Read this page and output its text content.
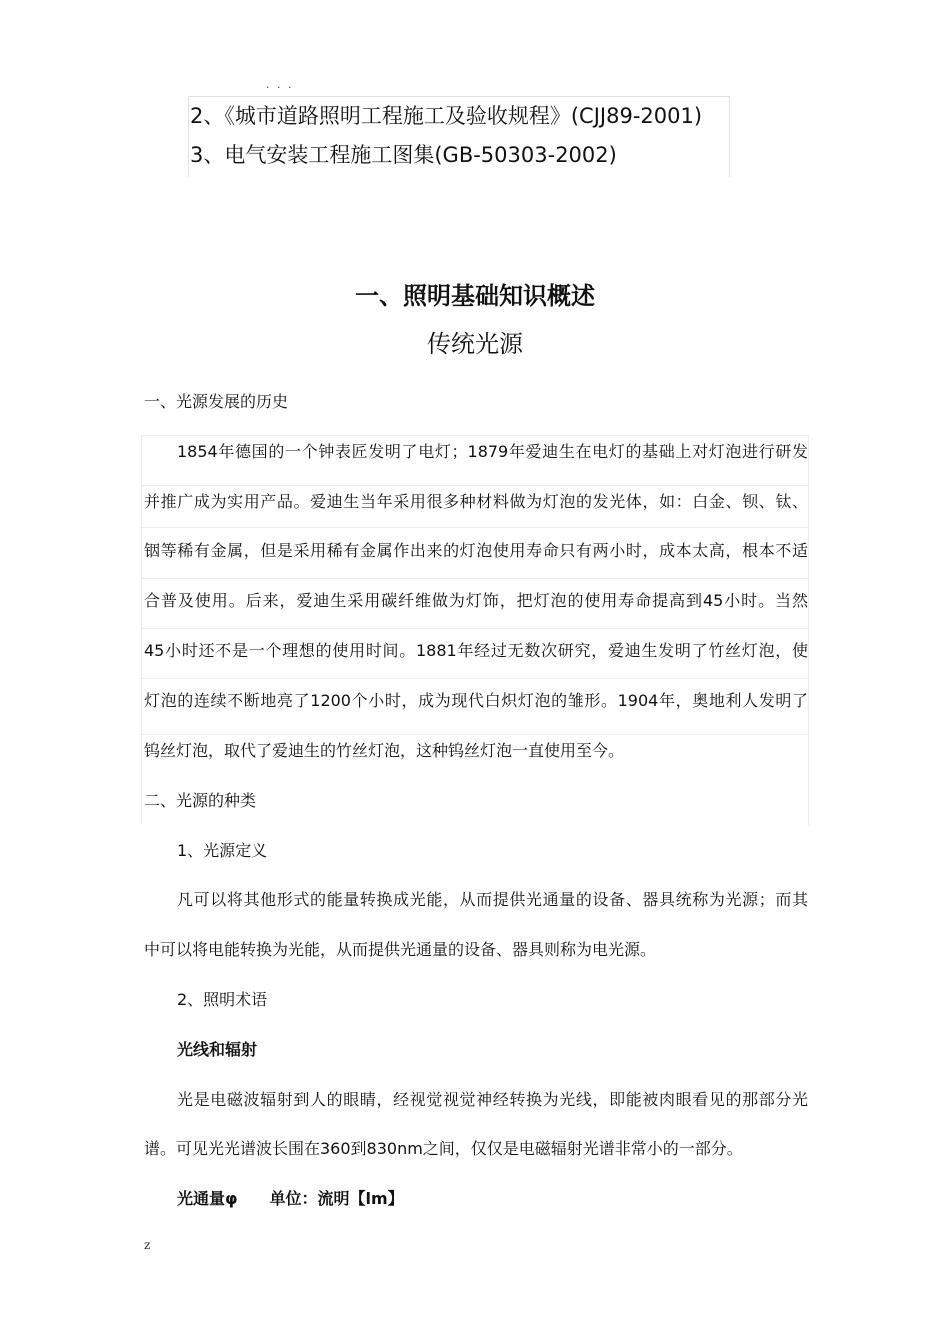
. . .
2、《城市道路照明工程施工及验收规程》(CJJ89-2001)
3、电气安装工程施工图集(GB-50303-2002)
一、照明基础知识概述
传统光源
一、光源发展的历史
1854年德国的一个钟表匠发明了电灯；1879年爱迪生在电灯的基础上对灯泡进行研发
并推广成为实用产品。爱迪生当年采用很多种材料做为灯泡的发光体，如：白金、钡、钛、
铟等稀有金属，但是采用稀有金属作出来的灯泡使用寿命只有两小时，成本太高，根本不适
合普及使用。后来，爱迪生采用碳纤维做为灯饰，把灯泡的使用寿命提高到45小时。当然
45小时还不是一个理想的使用时间。1881年经过无数次研究，爱迪生发明了竹丝灯泡，使
灯泡的连续不断地亮了1200个小时，成为现代白炽灯泡的雏形。1904年，奥地利人发明了
钨丝灯泡，取代了爱迪生的竹丝灯泡，这种钨丝灯泡一直使用至今。
二、光源的种类
1、光源定义
凡可以将其他形式的能量转换成光能，从而提供光通量的设备、器具统称为光源；而其
中可以将电能转换为光能，从而提供光通量的设备、器具则称为电光源。
2、照明术语
光线和辐射
光是电磁波辐射到人的眼睛，经视觉视觉神经转换为光线，即能被肉眼看见的那部分光
谱。可见光光谱波长围在360到830nm之间，仅仅是电磁辐射光谱非常小的一部分。
光通量φ　　单位：流明【lm】
z
